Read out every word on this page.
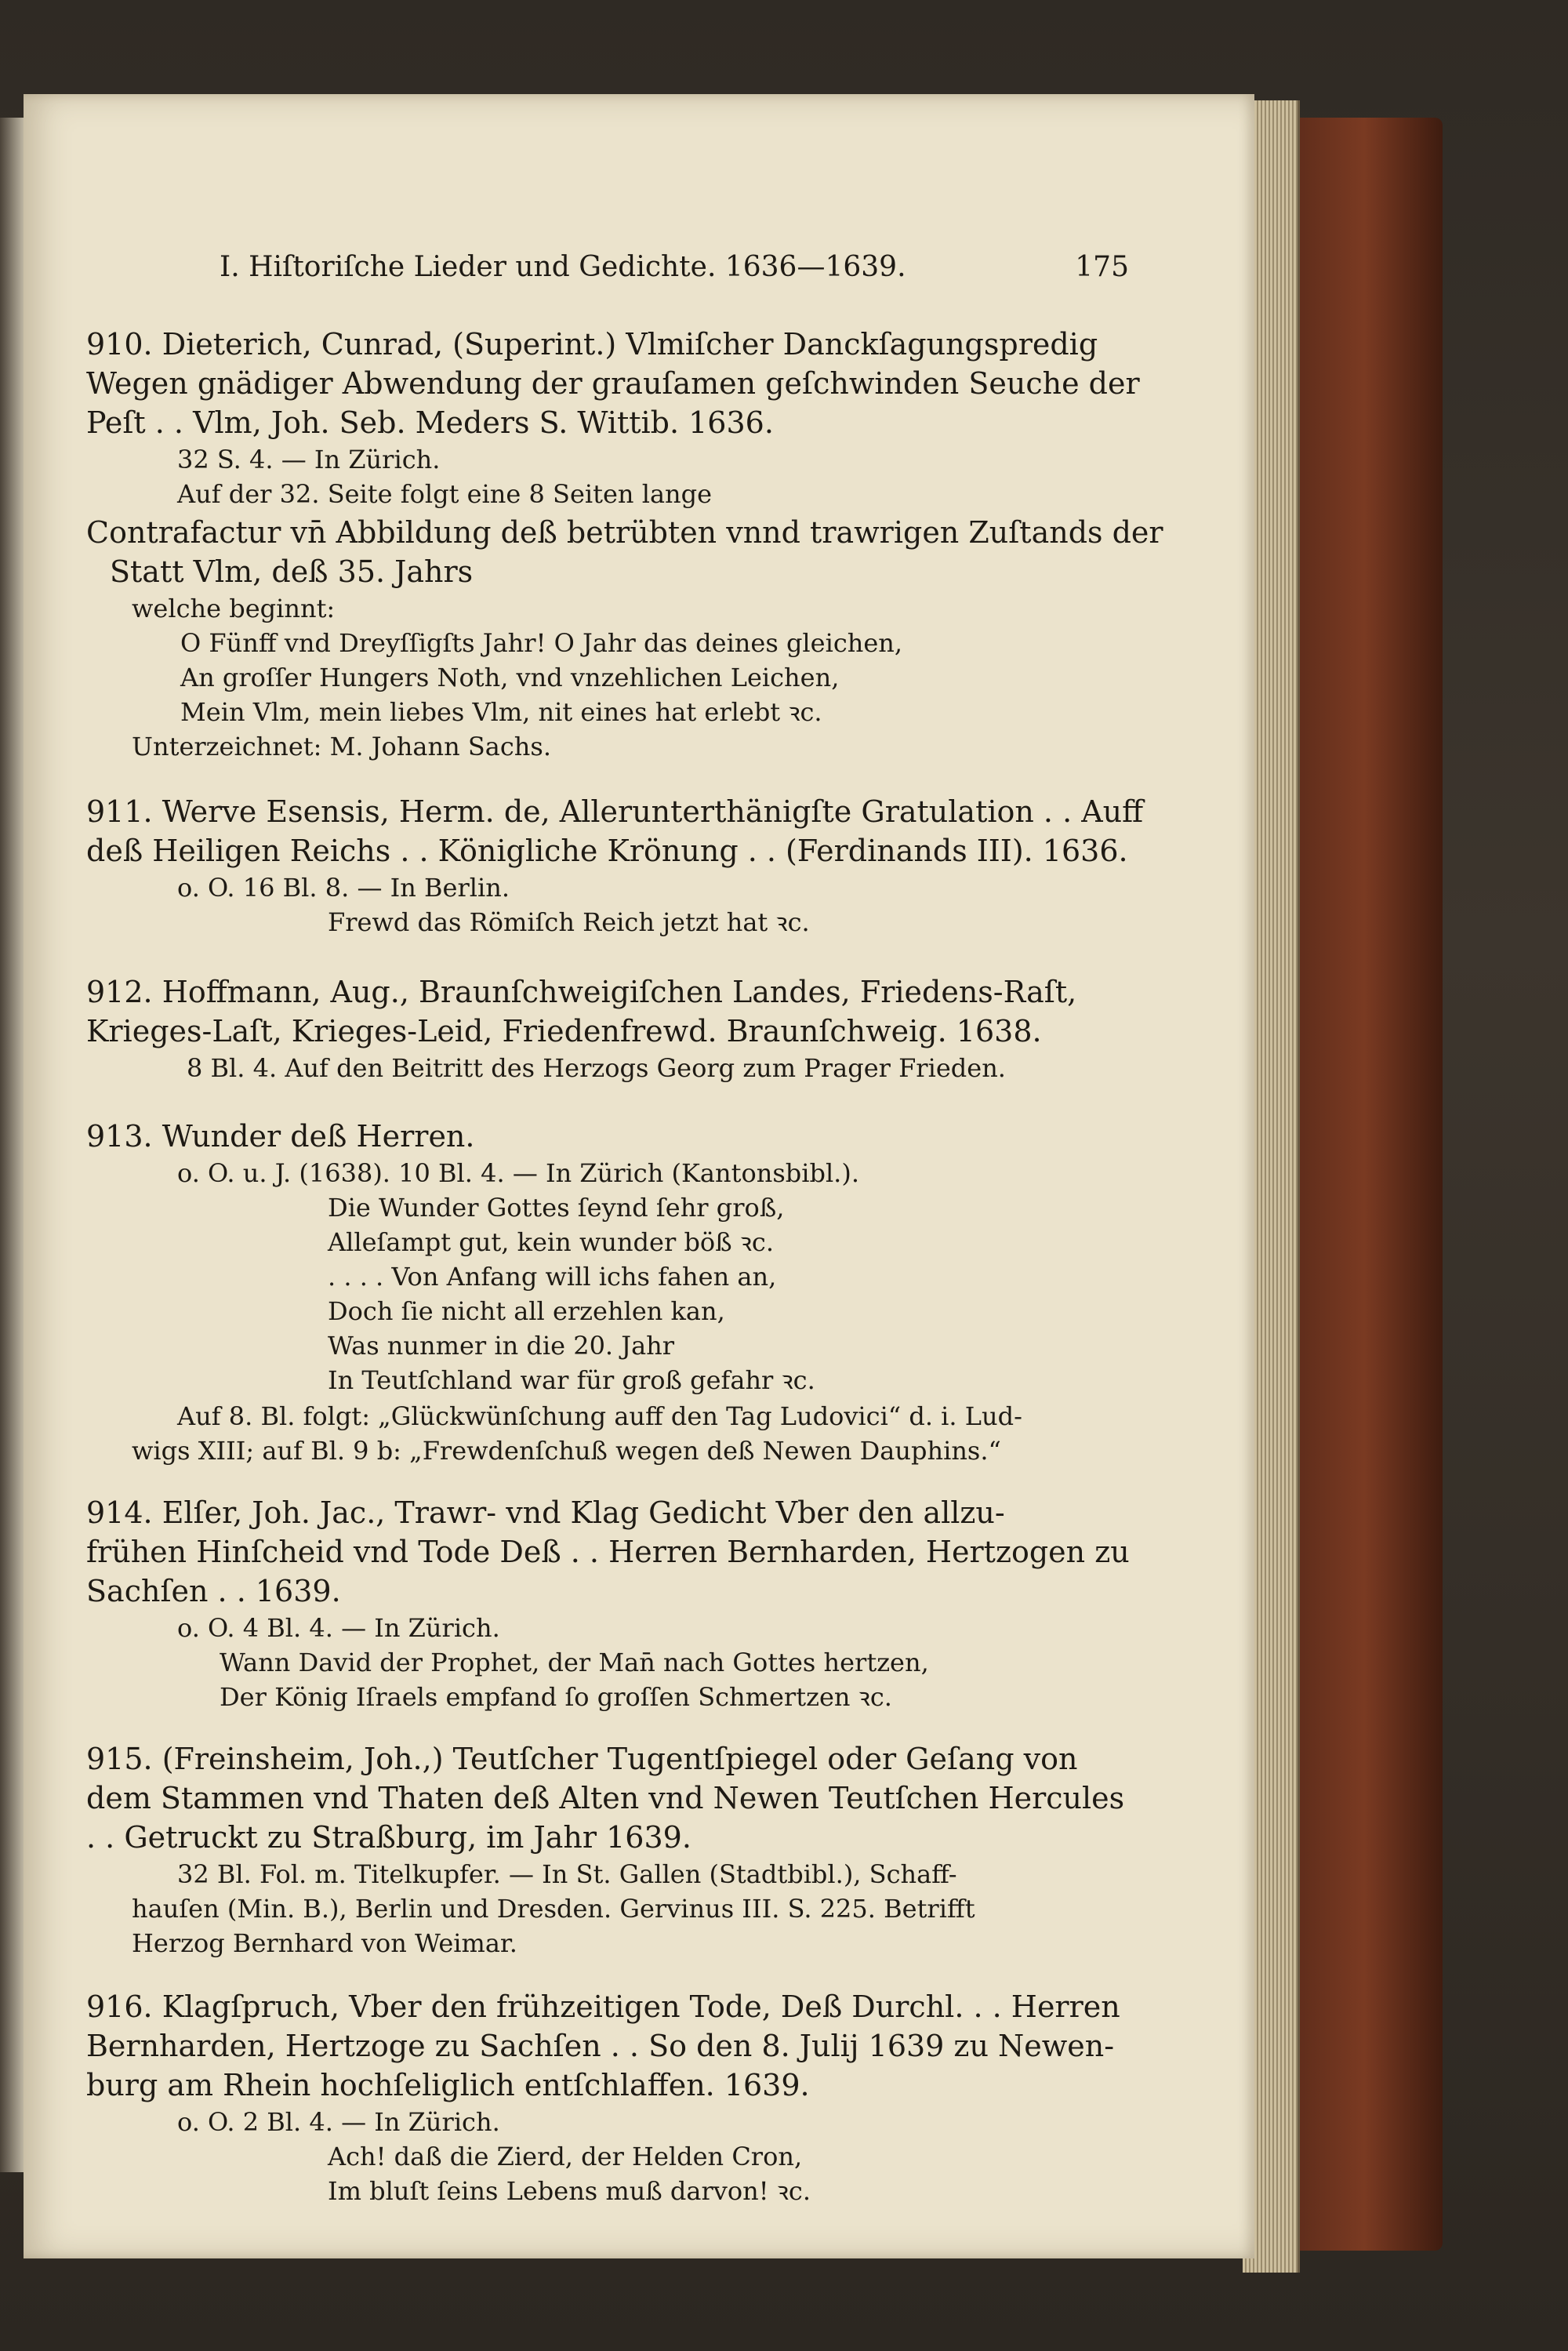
I. Hiſtoriſche Lieder und Gedichte. 1636—1639.	175
910. Dieterich, Cunrad, (Superint.) Vlmiſcher Danckſagungspredig
Wegen gnädiger Abwendung der grauſamen geſchwinden Seuche der
Peſt . . Vlm, Joh. Seb. Meders S. Wittib. 1636.
32 S. 4. — In Zürich.
Auf der 32. Seite folgt eine 8 Seiten lange
Contrafactur vn̄ Abbildung deß betrübten vnnd trawrigen Zuſtands der
Statt Vlm, deß 35. Jahrs
welche beginnt:
O Fünff vnd Dreyſſigſts Jahr! O Jahr das deines gleichen,
An groſſer Hungers Noth, vnd vnzehlichen Leichen,
Mein Vlm, mein liebes Vlm, nit eines hat erlebt ꝛc.
Unterzeichnet: M. Johann Sachs.
911. Werve Esensis, Herm. de, Allerunterthänigſte Gratulation . . Auff
deß Heiligen Reichs . . Königliche Krönung . . (Ferdinands III). 1636.
o. O. 16 Bl. 8. — In Berlin.
Frewd das Römiſch Reich jetzt hat ꝛc.
912. Hoffmann, Aug., Braunſchweigiſchen Landes, Friedens-Raſt,
Krieges-Laſt, Krieges-Leid, Friedenfrewd. Braunſchweig. 1638.
8 Bl. 4. Auf den Beitritt des Herzogs Georg zum Prager Frieden.
913. Wunder deß Herren.
o. O. u. J. (1638). 10 Bl. 4. — In Zürich (Kantonsbibl.).
Die Wunder Gottes ſeynd ſehr groß,
Alleſampt gut, kein wunder böß ꝛc.
. . . . Von Anfang will ichs fahen an,
Doch ſie nicht all erzehlen kan,
Was nunmer in die 20. Jahr
In Teutſchland war für groß gefahr ꝛc.
Auf 8. Bl. folgt: „Glückwünſchung auff den Tag Ludovici“ d. i. Lud-
wigs XIII; auf Bl. 9 b: „Frewdenſchuß wegen deß Newen Dauphins.“
914. Elſer, Joh. Jac., Trawr- vnd Klag Gedicht Vber den allzu-
frühen Hinſcheid vnd Tode Deß . . Herren Bernharden, Hertzogen zu
Sachſen . . 1639.
o. O. 4 Bl. 4. — In Zürich.
Wann David der Prophet, der Man̄ nach Gottes hertzen,
Der König Iſraels empfand ſo groſſen Schmertzen ꝛc.
915. (Freinsheim, Joh.,) Teutſcher Tugentſpiegel oder Geſang von
dem Stammen vnd Thaten deß Alten vnd Newen Teutſchen Hercules
. . Getruckt zu Straßburg, im Jahr 1639.
32 Bl. Fol. m. Titelkupfer. — In St. Gallen (Stadtbibl.), Schaff-
hauſen (Min. B.), Berlin und Dresden. Gervinus III. S. 225. Betrifft
Herzog Bernhard von Weimar.
916. Klagſpruch, Vber den frühzeitigen Tode, Deß Durchl. . . Herren
Bernharden, Hertzoge zu Sachſen . . So den 8. Julij 1639 zu Newen-
burg am Rhein hochſeliglich entſchlaffen. 1639.
o. O. 2 Bl. 4. — In Zürich.
Ach! daß die Zierd, der Helden Cron,
Im bluſt ſeins Lebens muß darvon! ꝛc.
